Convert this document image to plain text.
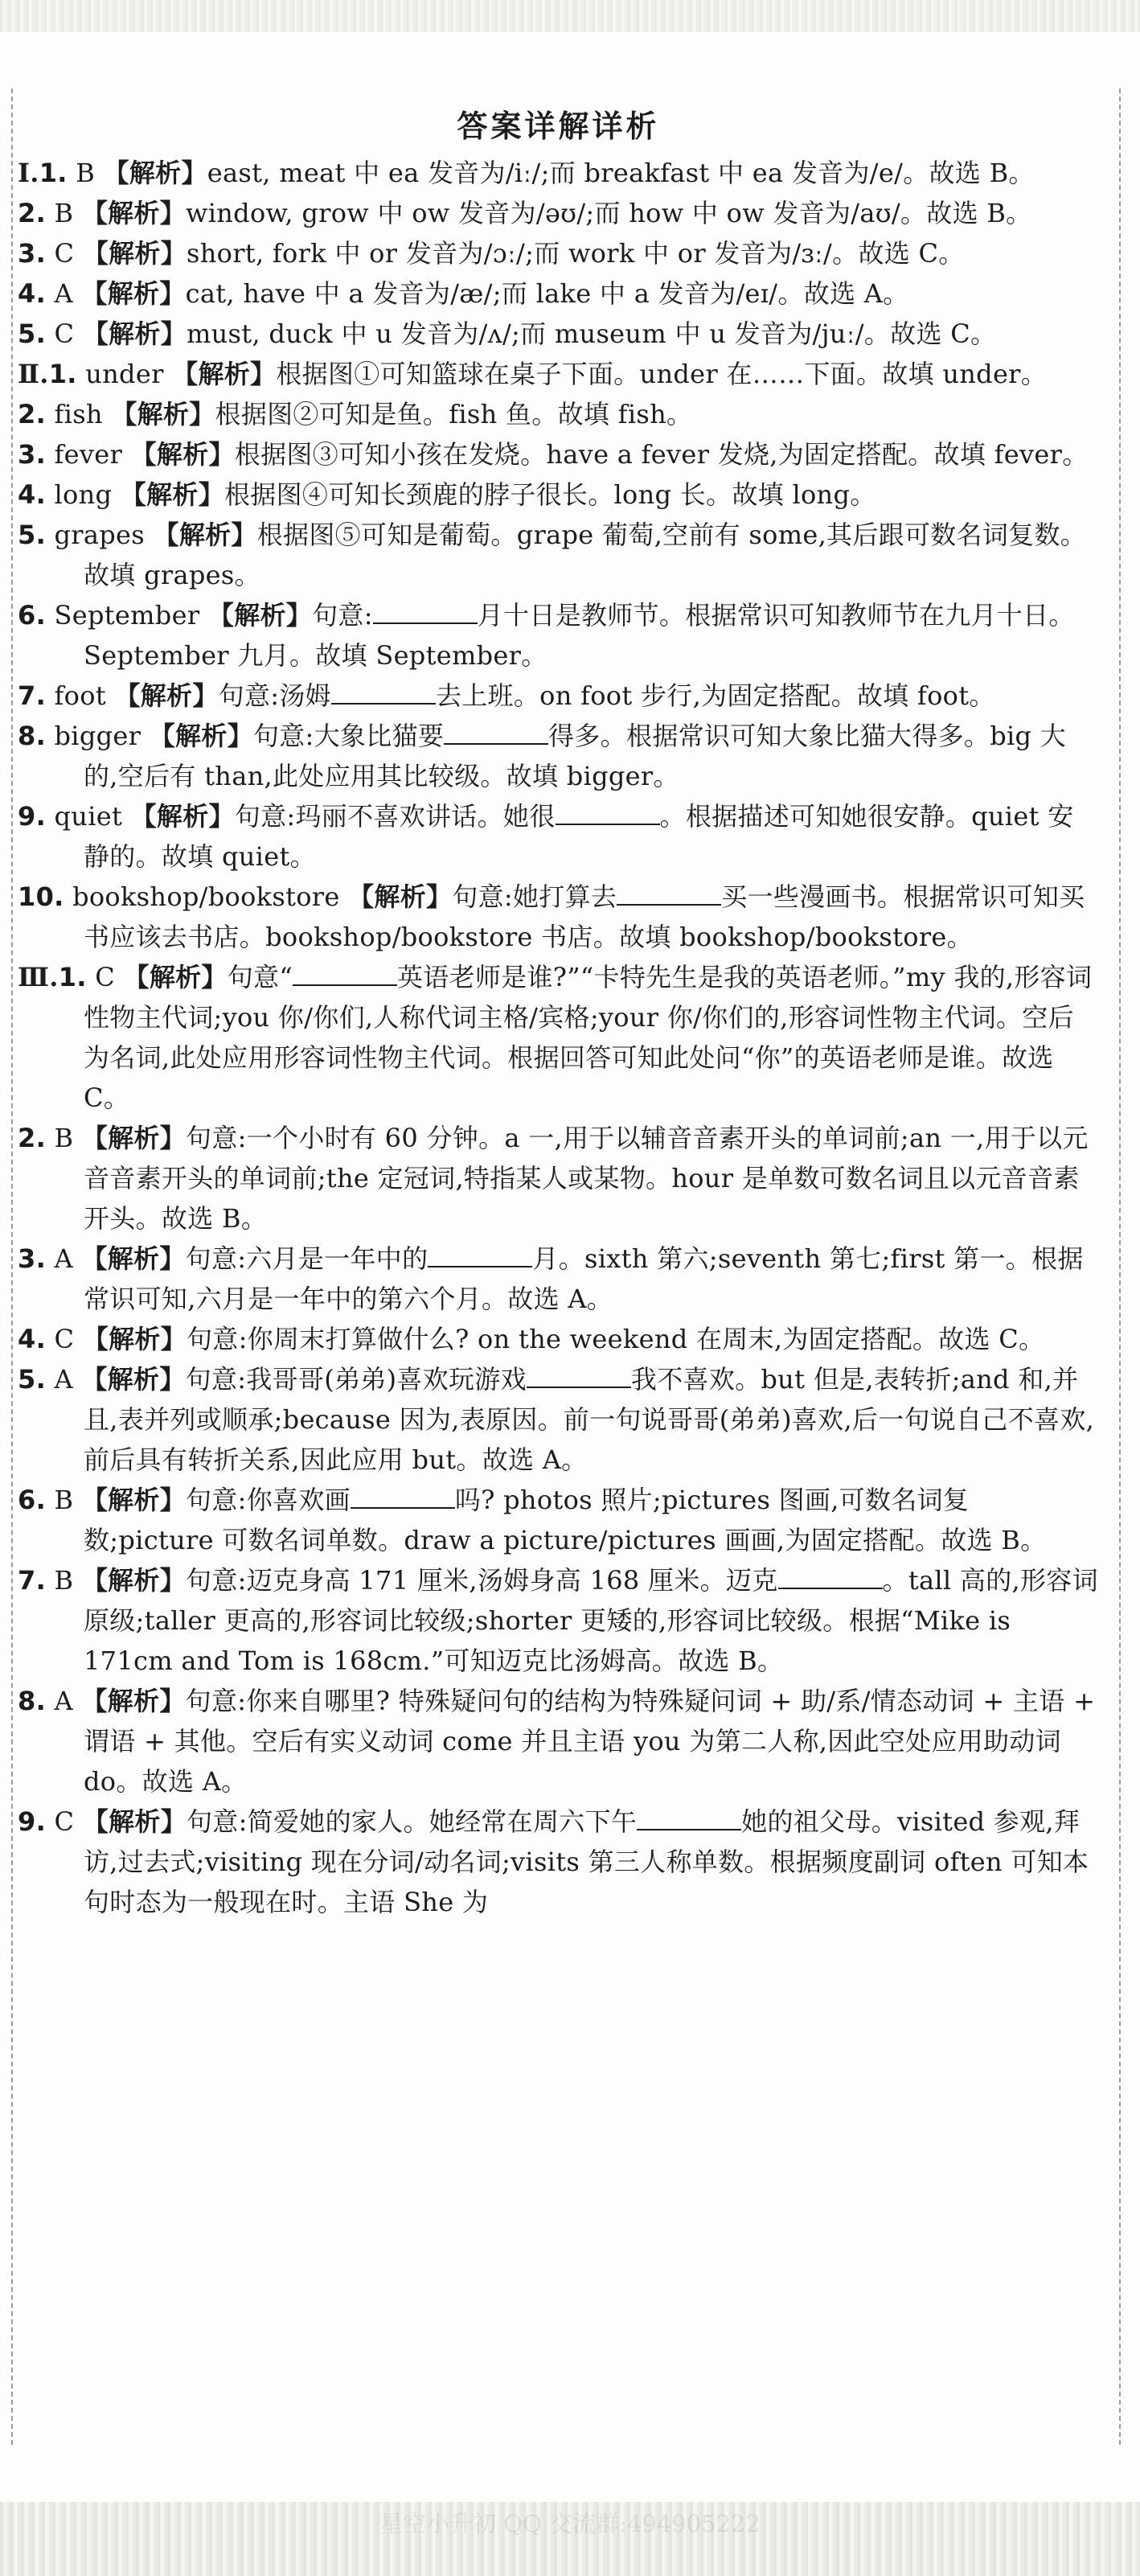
答案详解详析
Ⅰ.1. B 【解析】east, meat 中 ea 发音为/iː/;而 breakfast 中 ea 发音为/e/。故选 B。
2. B 【解析】window, grow 中 ow 发音为/əʊ/;而 how 中 ow 发音为/aʊ/。故选 B。
3. C 【解析】short, fork 中 or 发音为/ɔː/;而 work 中 or 发音为/ɜː/。故选 C。
4. A 【解析】cat, have 中 a 发音为/æ/;而 lake 中 a 发音为/eɪ/。故选 A。
5. C 【解析】must, duck 中 u 发音为/ʌ/;而 museum 中 u 发音为/juː/。故选 C。
Ⅱ.1. under 【解析】根据图①可知篮球在桌子下面。under 在……下面。故填 under。
2. fish 【解析】根据图②可知是鱼。fish 鱼。故填 fish。
3. fever 【解析】根据图③可知小孩在发烧。have a fever 发烧,为固定搭配。故填 fever。
4. long 【解析】根据图④可知长颈鹿的脖子很长。long 长。故填 long。
5. grapes 【解析】根据图⑤可知是葡萄。grape 葡萄,空前有 some,其后跟可数名词复数。故填 grapes。
6. September 【解析】句意:	月十日是教师节。根据常识可知教师节在九月十日。September 九月。故填 September。
7. foot 【解析】句意:汤姆	去上班。on foot 步行,为固定搭配。故填 foot。
8. bigger 【解析】句意:大象比猫要	得多。根据常识可知大象比猫大得多。big 大的,空后有 than,此处应用其比较级。故填 bigger。
9. quiet 【解析】句意:玛丽不喜欢讲话。她很	。根据描述可知她很安静。quiet 安静的。故填 quiet。
10. bookshop/bookstore 【解析】句意:她打算去	买一些漫画书。根据常识可知买书应该去书店。bookshop/bookstore 书店。故填 bookshop/bookstore。
Ⅲ.1. C 【解析】句意“	英语老师是谁?”“卡特先生是我的英语老师。”my 我的,形容词性物主代词;you 你/你们,人称代词主格/宾格;your 你/你们的,形容词性物主代词。空后为名词,此处应用形容词性物主代词。根据回答可知此处问“你”的英语老师是谁。故选 C。
2. B 【解析】句意:一个小时有 60 分钟。a 一,用于以辅音音素开头的单词前;an 一,用于以元音音素开头的单词前;the 定冠词,特指某人或某物。hour 是单数可数名词且以元音音素开头。故选 B。
3. A 【解析】句意:六月是一年中的	月。sixth 第六;seventh 第七;first 第一。根据常识可知,六月是一年中的第六个月。故选 A。
4. C 【解析】句意:你周末打算做什么? on the weekend 在周末,为固定搭配。故选 C。
5. A 【解析】句意:我哥哥(弟弟)喜欢玩游戏	我不喜欢。but 但是,表转折;and 和,并且,表并列或顺承;because 因为,表原因。前一句说哥哥(弟弟)喜欢,后一句说自己不喜欢,前后具有转折关系,因此应用 but。故选 A。
6. B 【解析】句意:你喜欢画	吗? photos 照片;pictures 图画,可数名词复数;picture 可数名词单数。draw a picture/pictures 画画,为固定搭配。故选 B。
7. B 【解析】句意:迈克身高 171 厘米,汤姆身高 168 厘米。迈克	。tall 高的,形容词原级;taller 更高的,形容词比较级;shorter 更矮的,形容词比较级。根据“Mike is 171cm and Tom is 168cm.”可知迈克比汤姆高。故选 B。
8. A 【解析】句意:你来自哪里? 特殊疑问句的结构为特殊疑问词 + 助/系/情态动词 + 主语 + 谓语 + 其他。空后有实义动词 come 并且主语 you 为第二人称,因此空处应用助动词 do。故选 A。
9. C 【解析】句意:简爱她的家人。她经常在周六下午	她的祖父母。visited 参观,拜访,过去式;visiting 现在分词/动名词;visits 第三人称单数。根据频度副词 often 可知本句时态为一般现在时。主语 She 为
